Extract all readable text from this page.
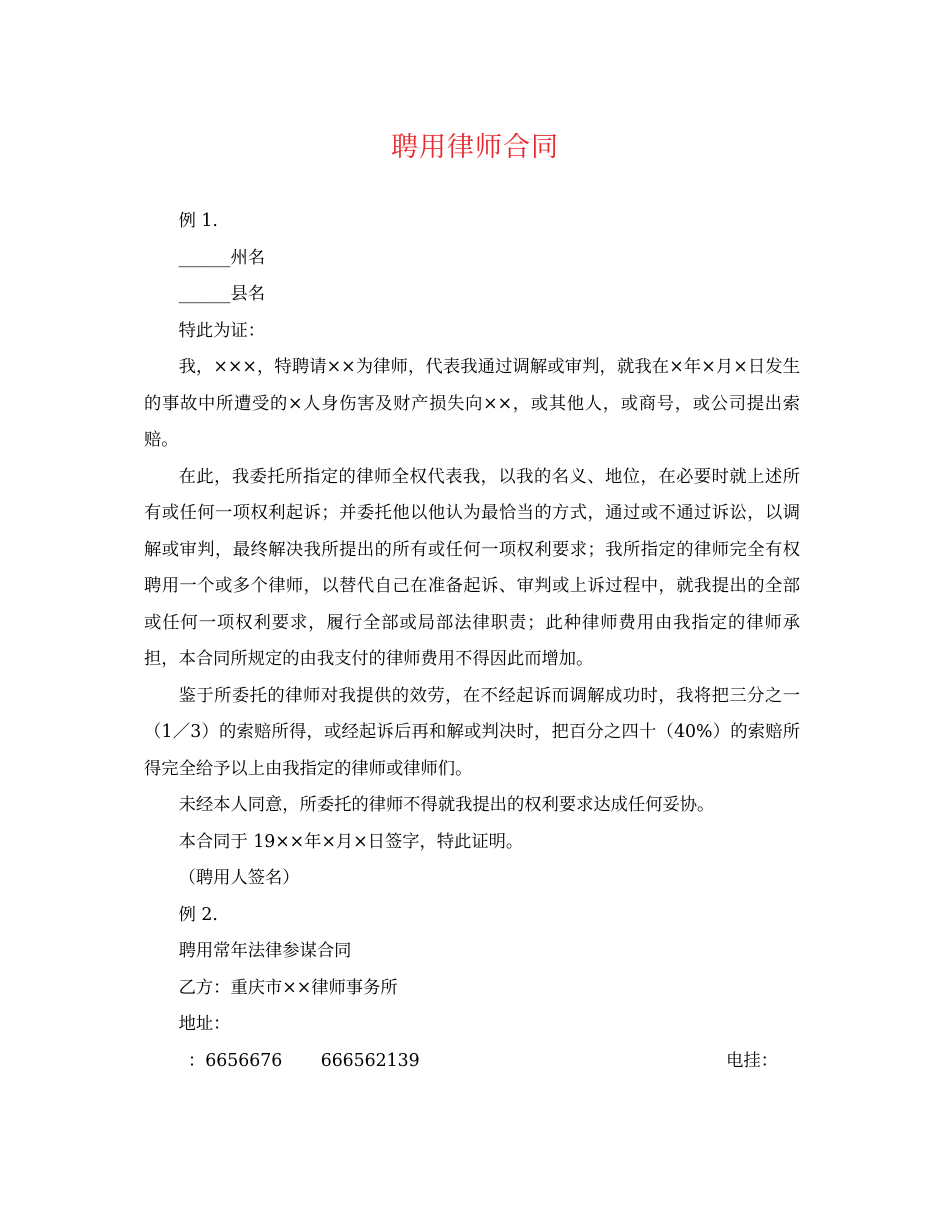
聘用律师合同

例 1.

______州名

______县名

特此为证：

我，×××，特聘请××为律师，代表我通过调解或审判，就我在×年×月×日发生的事故中所遭受的×人身伤害及财产损失向××，或其他人，或商号，或公司提出索赔。

在此，我委托所指定的律师全权代表我，以我的名义、地位，在必要时就上述所有或任何一项权利起诉；并委托他以他认为最恰当的方式，通过或不通过诉讼，以调解或审判，最终解决我所提出的所有或任何一项权利要求；我所指定的律师完全有权聘用一个或多个律师，以替代自己在准备起诉、审判或上诉过程中，就我提出的全部或任何一项权利要求，履行全部或局部法律职责；此种律师费用由我指定的律师承担，本合同所规定的由我支付的律师费用不得因此而增加。

鉴于所委托的律师对我提供的效劳，在不经起诉而调解成功时，我将把三分之一（1／3）的索赔所得，或经起诉后再和解或判决时，把百分之四十（40%）的索赔所得完全给予以上由我指定的律师或律师们。

未经本人同意，所委托的律师不得就我提出的权利要求达成任何妥协。

本合同于 19××年×月×日签字，特此证明。

（聘用人签名）

例 2.

聘用常年法律参谋合同

乙方：重庆市××律师事务所

地址：

：6656676       666562139	电挂：
